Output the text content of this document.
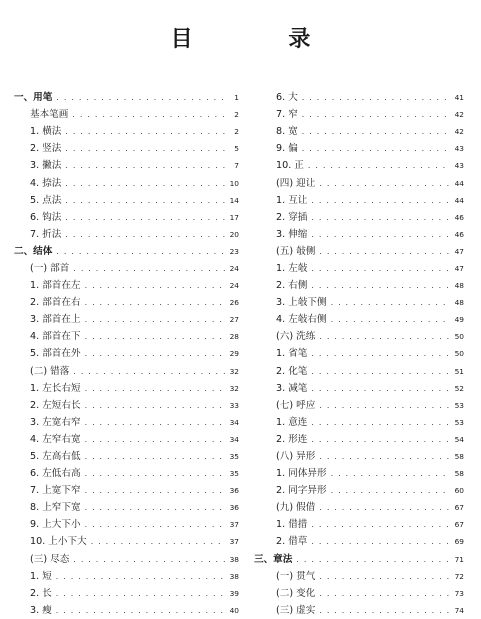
目 录
一、用笔 . . .	1
基本笔画 . . .	2
1. 横法 . . .	2
2. 竖法 . . .	5
3. 撇法 . . .	7
4. 捺法 . . .	10
5. 点法 . . .	14
6. 钩法 . . .	17
7. 折法 . . .	20
二、结体 . . .	23
(一) 部首 . . .	24
1. 部首在左 . . .	24
2. 部首在右 . . .	26
3. 部首在上 . . .	27
4. 部首在下 . . .	28
5. 部首在外 . . .	29
(二) 错落 . . .	32
1. 左长右短 . . .	32
2. 左短右长 . . .	33
3. 左宽右窄 . . .	34
4. 左窄右宽 . . .	34
5. 左高右低 . . .	35
6. 左低右高 . . .	35
7. 上宽下窄 . . .	36
8. 上窄下宽 . . .	36
9. 上大下小 . . .	37
10. 上小下大 . . .	37
(三) 尽态 . . .	38
1. 短 . . .	38
2. 长 . . .	39
3. 瘦 . . .	40
6. 大 . . .	41
7. 窄 . . .	42
8. 宽 . . .	42
9. 偏 . . .	43
10. 正 . . .	43
(四) 迎让 . . .	44
1. 互让 . . .	44
2. 穿插 . . .	46
3. 伸缩 . . .	46
(五) 敧侧 . . .	47
1. 左敧 . . .	47
2. 右侧 . . .	48
3. 上敧下侧 . . .	48
4. 左敧右侧 . . .	49
(六) 洗练 . . .	50
1. 省笔 . . .	50
2. 化笔 . . .	51
3. 减笔 . . .	52
(七) 呼应 . . .	53
1. 意连 . . .	53
2. 形连 . . .	54
(八) 异形 . . .	58
1. 同体异形 . . .	58
2. 同字异形 . . .	60
(九) 假借 . . .	67
1. 借措 . . .	67
2. 借草 . . .	69
三、章法 . . .	71
(一) 贯气 . . .	72
(二) 变化 . . .	73
(三) 虚实 . . .	74
